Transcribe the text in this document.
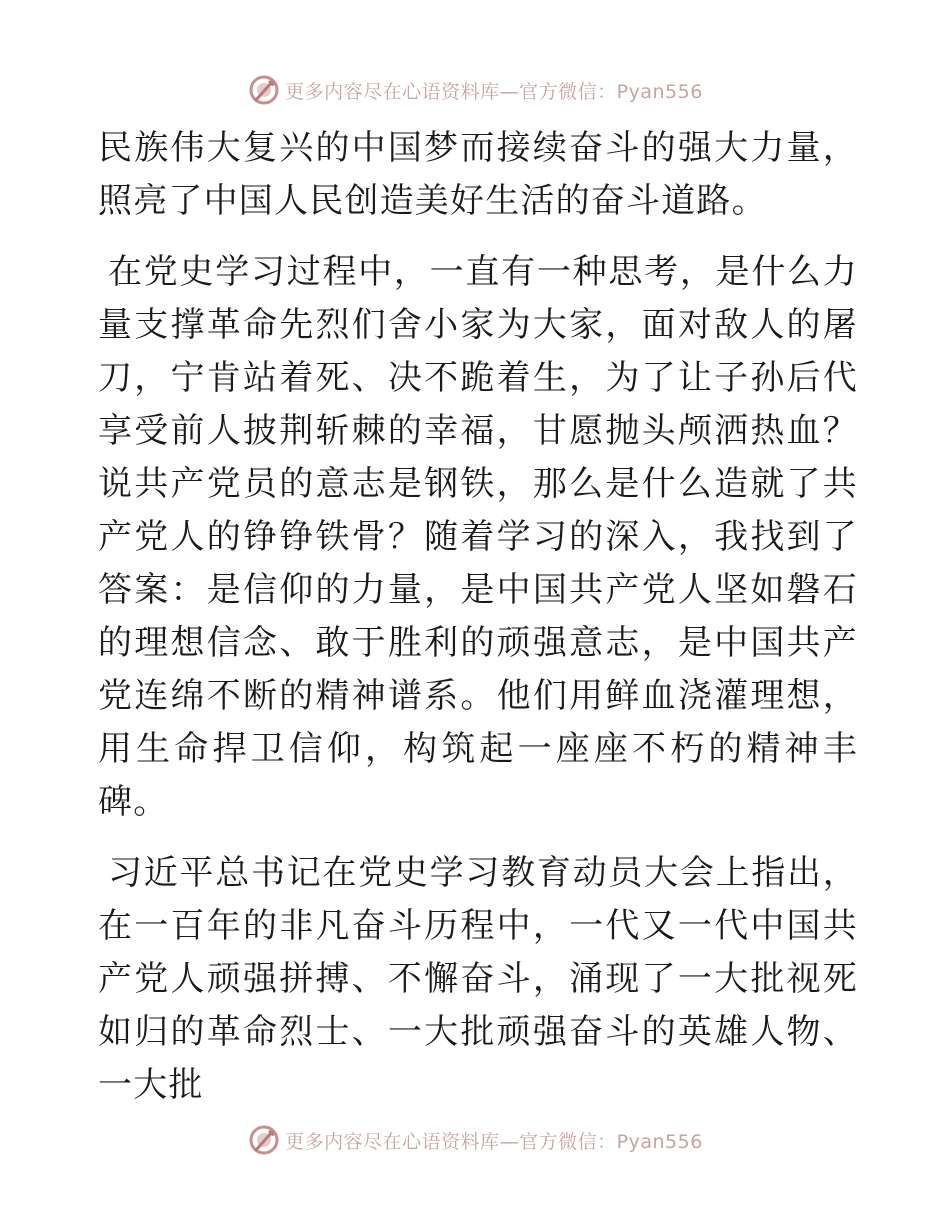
更多内容尽在心语资料库—官方微信：Pyan556

民族伟大复兴的中国梦而接续奋斗的强大力量，照亮了中国人民创造美好生活的奋斗道路。

在党史学习过程中，一直有一种思考，是什么力量支撑革命先烈们舍小家为大家，面对敌人的屠刀，宁肯站着死、决不跪着生，为了让子孙后代享受前人披荆斩棘的幸福，甘愿抛头颅洒热血？说共产党员的意志是钢铁，那么是什么造就了共产党人的铮铮铁骨？随着学习的深入，我找到了答案：是信仰的力量，是中国共产党人坚如磐石的理想信念、敢于胜利的顽强意志，是中国共产党连绵不断的精神谱系。他们用鲜血浇灌理想，用生命捍卫信仰，构筑起一座座不朽的精神丰碑。

习近平总书记在党史学习教育动员大会上指出，在一百年的非凡奋斗历程中，一代又一代中国共产党人顽强拼搏、不懈奋斗，涌现了一大批视死如归的革命烈士、一大批顽强奋斗的英雄人物、一大批

更多内容尽在心语资料库—官方微信：Pyan556
